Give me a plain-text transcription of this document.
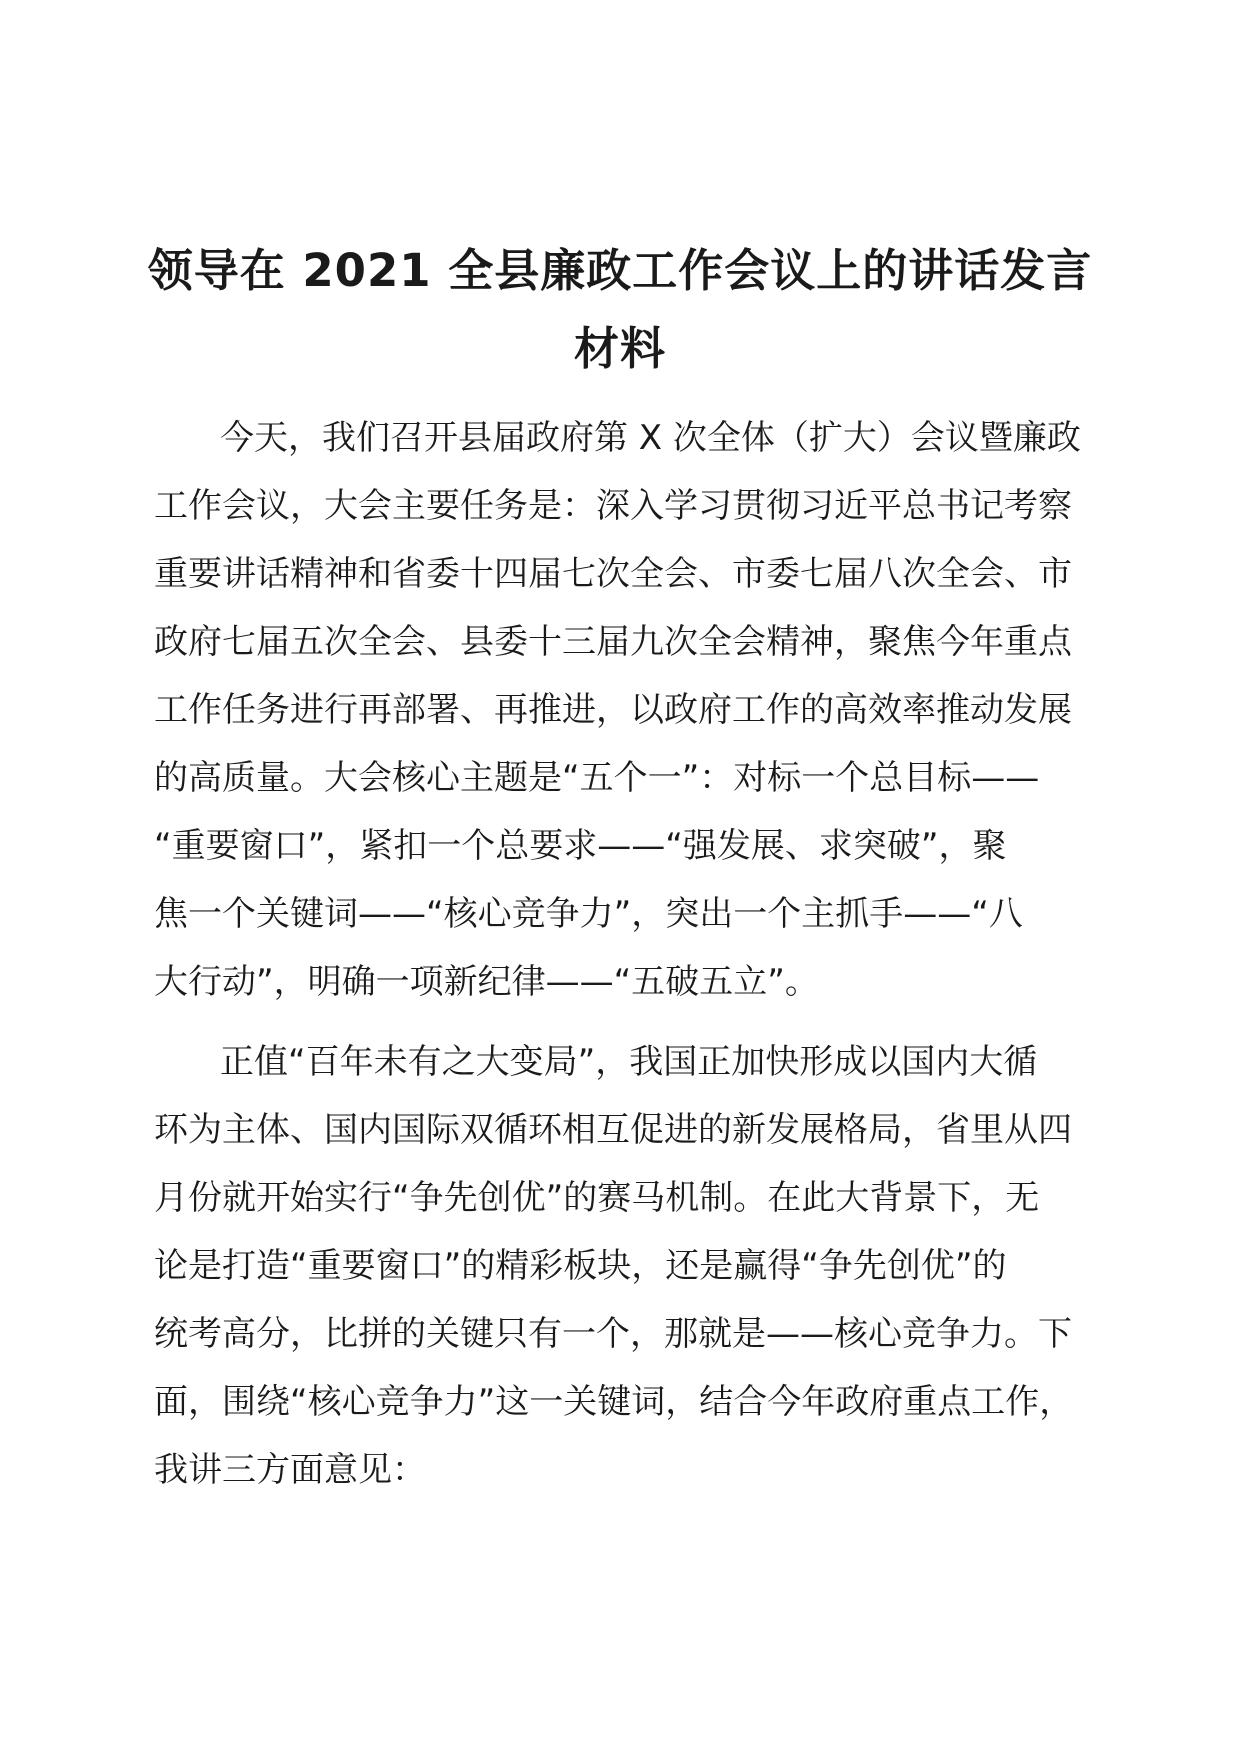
领导在 2021 全县廉政工作会议上的讲话发言
材料
今天，我们召开县届政府第 X 次全体（扩大）会议暨廉政
工作会议，大会主要任务是：深入学习贯彻习近平总书记考察
重要讲话精神和省委十四届七次全会、市委七届八次全会、市
政府七届五次全会、县委十三届九次全会精神，聚焦今年重点
工作任务进行再部署、再推进，以政府工作的高效率推动发展
的高质量。大会核心主题是“五个一”：对标一个总目标——
“重要窗口”，紧扣一个总要求——“强发展、求突破”，聚
焦一个关键词——“核心竞争力”，突出一个主抓手——“八
大行动”，明确一项新纪律——“五破五立”。
正值“百年未有之大变局”，我国正加快形成以国内大循
环为主体、国内国际双循环相互促进的新发展格局，省里从四
月份就开始实行“争先创优”的赛马机制。在此大背景下，无
论是打造“重要窗口”的精彩板块，还是赢得“争先创优”的
统考高分，比拼的关键只有一个，那就是——核心竞争力。下
面，围绕“核心竞争力”这一关键词，结合今年政府重点工作，
我讲三方面意见：
